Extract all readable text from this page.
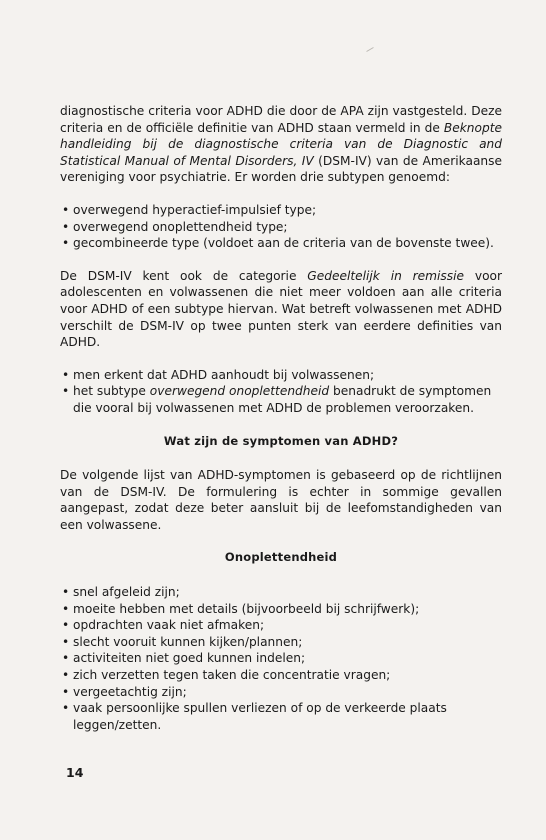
diagnostische criteria voor ADHD die door de APA zijn vastgesteld. Deze criteria en de officiële definitie van ADHD staan vermeld in de Beknopte handleiding bij de diagnostische criteria van de Diagnostic and Statistical Manual of Mental Disorders, IV (DSM-IV) van de Amerikaanse vereniging voor psychiatrie. Er worden drie subtypen genoemd:

• overwegend hyperactief-impulsief type;
• overwegend onoplettendheid type;
• gecombineerde type (voldoet aan de criteria van de bovenste twee).

De DSM-IV kent ook de categorie Gedeeltelijk in remissie voor adolescenten en volwassenen die niet meer voldoen aan alle criteria voor ADHD of een subtype hiervan. Wat betreft volwassenen met ADHD verschilt de DSM-IV op twee punten sterk van eerdere definities van ADHD.

• men erkent dat ADHD aanhoudt bij volwassenen;
• het subtype overwegend onoplettendheid benadrukt de symptomen die vooral bij volwassenen met ADHD de problemen veroorzaken.
Wat zijn de symptomen van ADHD?

De volgende lijst van ADHD-symptomen is gebaseerd op de richtlijnen van de DSM-IV. De formulering is echter in sommige gevallen aangepast, zodat deze beter aansluit bij de leefomstandigheden van een volwassene.

Onoplettendheid
• snel afgeleid zijn;
• moeite hebben met details (bijvoorbeeld bij schrijfwerk);
• opdrachten vaak niet afmaken;
• slecht vooruit kunnen kijken/plannen;
• activiteiten niet goed kunnen indelen;
• zich verzetten tegen taken die concentratie vragen;
• vergeetachtig zijn;
• vaak persoonlijke spullen verliezen of op de verkeerde plaats leggen/zetten.
14
